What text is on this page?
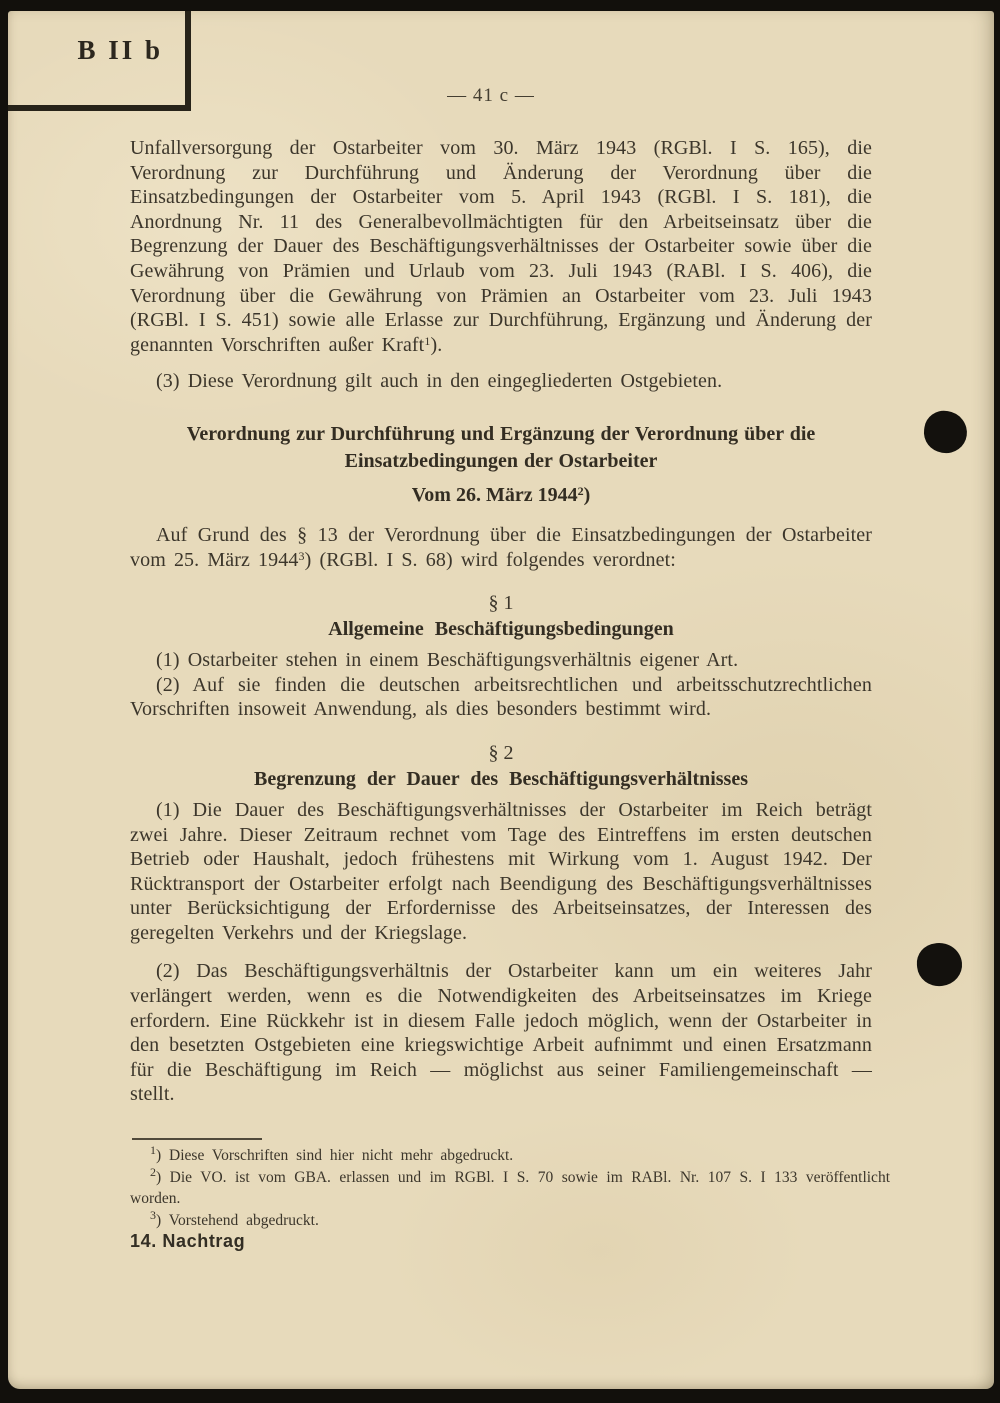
B II b
— 41 c —

Unfallversorgung der Ostarbeiter vom 30. März 1943 (RGBl. I S. 165), die Verordnung zur Durchführung und Änderung der Verordnung über die Einsatzbedingungen der Ostarbeiter vom 5. April 1943 (RGBl. I S. 181), die Anordnung Nr. 11 des Generalbevollmächtigten für den Arbeitseinsatz über die Begrenzung der Dauer des Beschäftigungsverhältnisses der Ostarbeiter sowie über die Gewährung von Prämien und Urlaub vom 23. Juli 1943 (RABl. I S. 406), die Verordnung über die Gewährung von Prämien an Ostarbeiter vom 23. Juli 1943 (RGBl. I S. 451) sowie alle Erlasse zur Durchführung, Ergänzung und Änderung der genannten Vorschriften außer Kraft$^1$).

(3) Diese Verordnung gilt auch in den eingegliederten Ostgebieten.

Verordnung zur Durchführung und Ergänzung der Verordnung über die Einsatzbedingungen der Ostarbeiter

Vom 26. März 1944$^2$)

Auf Grund des § 13 der Verordnung über die Einsatzbedingungen der Ostarbeiter vom 25. März 1944$^3$) (RGBl. I S. 68) wird folgendes verordnet:

§ 1

Allgemeine Beschäftigungsbedingungen

(1) Ostarbeiter stehen in einem Beschäftigungsverhältnis eigener Art.

(2) Auf sie finden die deutschen arbeitsrechtlichen und arbeitsschutzrechtlichen Vorschriften insoweit Anwendung, als dies besonders bestimmt wird.

§ 2

Begrenzung der Dauer des Beschäftigungsverhältnisses

(1) Die Dauer des Beschäftigungsverhältnisses der Ostarbeiter im Reich beträgt zwei Jahre. Dieser Zeitraum rechnet vom Tage des Eintreffens im ersten deutschen Betrieb oder Haushalt, jedoch frühestens mit Wirkung vom 1. August 1942. Der Rücktransport der Ostarbeiter erfolgt nach Beendigung des Beschäftigungsverhältnisses unter Berücksichtigung der Erfordernisse des Arbeitseinsatzes, der Interessen des geregelten Verkehrs und der Kriegslage.

(2) Das Beschäftigungsverhältnis der Ostarbeiter kann um ein weiteres Jahr verlängert werden, wenn es die Notwendigkeiten des Arbeitseinsatzes im Kriege erfordern. Eine Rückkehr ist in diesem Falle jedoch möglich, wenn der Ostarbeiter in den besetzten Ostgebieten eine kriegswichtige Arbeit aufnimmt und einen Ersatzmann für die Beschäftigung im Reich — möglichst aus seiner Familiengemeinschaft — stellt.

$^1$) Diese Vorschriften sind hier nicht mehr abgedruckt.

$^2$) Die VO. ist vom GBA. erlassen und im RGBl. I S. 70 sowie im RABl. Nr. 107 S. I 133 veröffentlicht worden.

$^3$) Vorstehend abgedruckt.

14. Nachtrag
